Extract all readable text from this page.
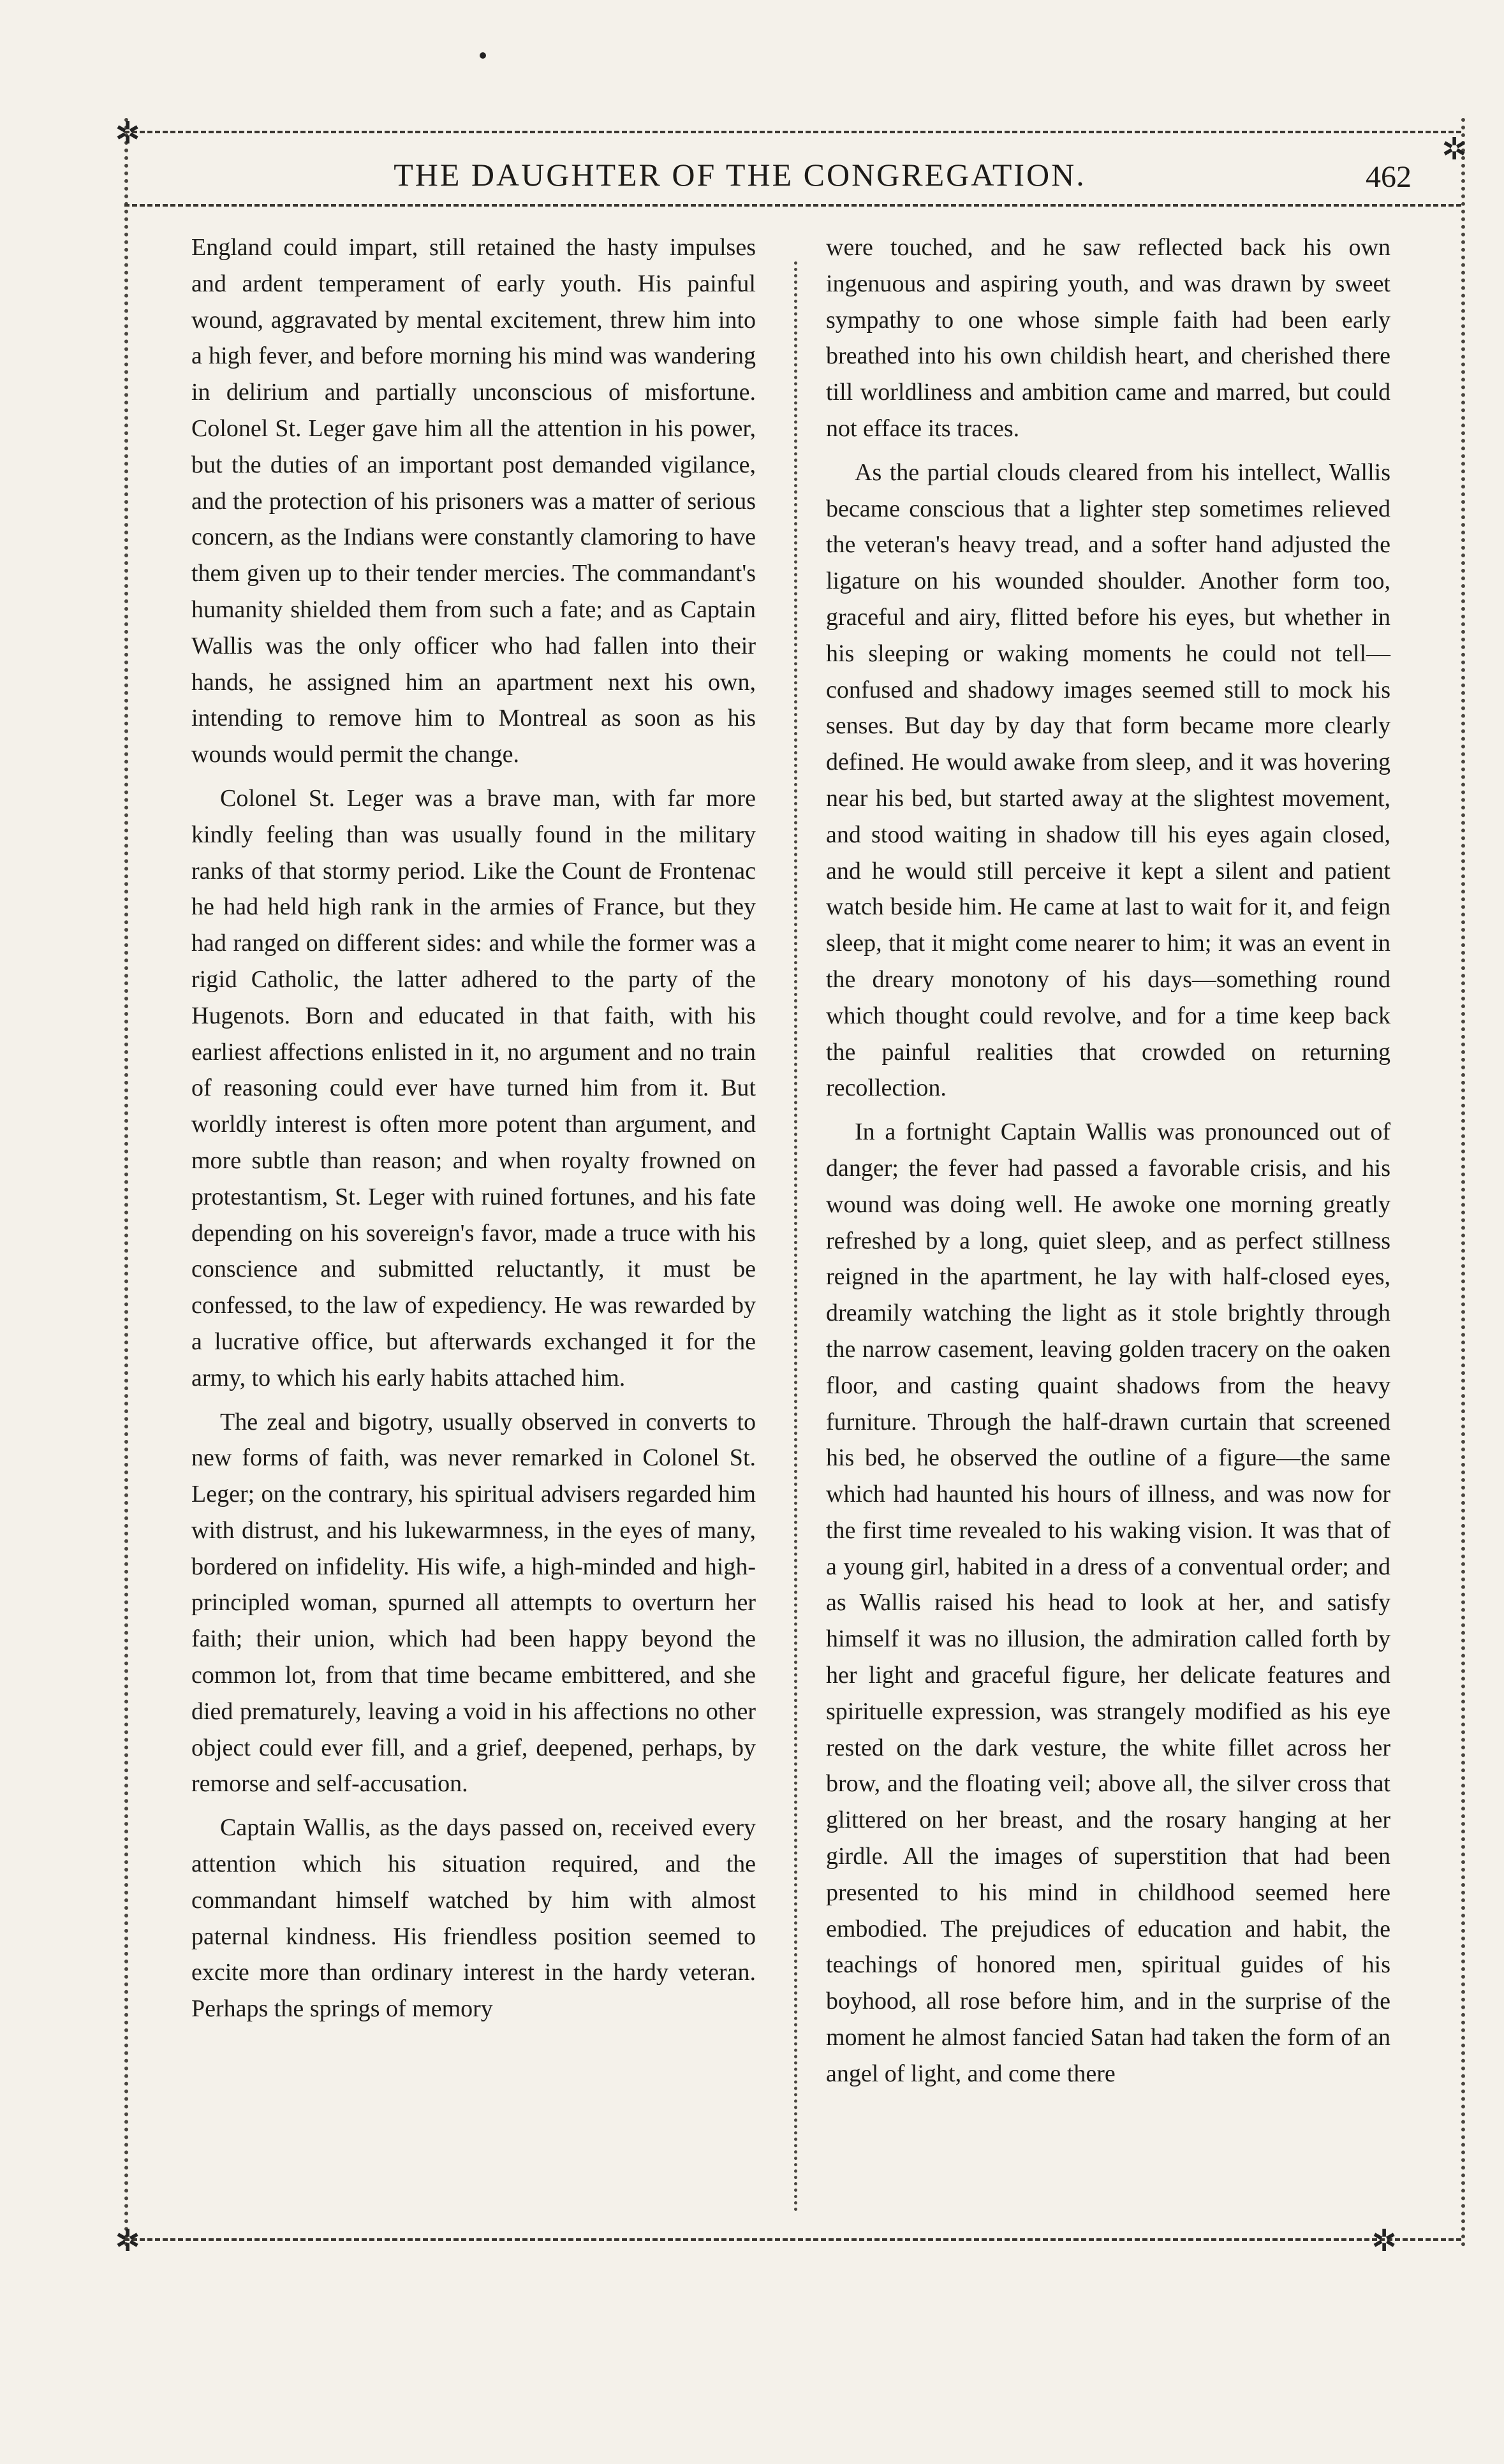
✲	✲
✲	✲
THE DAUGHTER OF THE CONGREGATION.	462

England could impart, still retained the hasty impulses and ardent temperament of early youth. His painful wound, aggravated by mental excitement, threw him into a high fever, and before morning his mind was wandering in delirium and partially unconscious of misfortune. Colonel St. Leger gave him all the attention in his power, but the duties of an important post demanded vigilance, and the protection of his prisoners was a matter of serious concern, as the Indians were constantly clamoring to have them given up to their tender mercies. The commandant's humanity shielded them from such a fate; and as Captain Wallis was the only officer who had fallen into their hands, he assigned him an apartment next his own, intending to remove him to Montreal as soon as his wounds would permit the change.

Colonel St. Leger was a brave man, with far more kindly feeling than was usually found in the military ranks of that stormy period. Like the Count de Frontenac he had held high rank in the armies of France, but they had ranged on different sides: and while the former was a rigid Catholic, the latter adhered to the party of the Hugenots. Born and educated in that faith, with his earliest affections enlisted in it, no argument and no train of reasoning could ever have turned him from it. But worldly interest is often more potent than argument, and more subtle than reason; and when royalty frowned on protestantism, St. Leger with ruined fortunes, and his fate depending on his sovereign's favor, made a truce with his conscience and submitted reluctantly, it must be confessed, to the law of expediency. He was rewarded by a lucrative office, but afterwards exchanged it for the army, to which his early habits attached him.

The zeal and bigotry, usually observed in converts to new forms of faith, was never remarked in Colonel St. Leger; on the contrary, his spiritual advisers regarded him with distrust, and his lukewarmness, in the eyes of many, bordered on infidelity. His wife, a high-minded and high-principled woman, spurned all attempts to overturn her faith; their union, which had been happy beyond the common lot, from that time became embittered, and she died prematurely, leaving a void in his affections no other object could ever fill, and a grief, deepened, perhaps, by remorse and self-accusation.

Captain Wallis, as the days passed on, received every attention which his situation required, and the commandant himself watched by him with almost paternal kindness. His friendless position seemed to excite more than ordinary interest in the hardy veteran. Perhaps the springs of memory

were touched, and he saw reflected back his own ingenuous and aspiring youth, and was drawn by sweet sympathy to one whose simple faith had been early breathed into his own childish heart, and cherished there till worldliness and ambition came and marred, but could not efface its traces.

As the partial clouds cleared from his intellect, Wallis became conscious that a lighter step sometimes relieved the veteran's heavy tread, and a softer hand adjusted the ligature on his wounded shoulder. Another form too, graceful and airy, flitted before his eyes, but whether in his sleeping or waking moments he could not tell—confused and shadowy images seemed still to mock his senses. But day by day that form became more clearly defined. He would awake from sleep, and it was hovering near his bed, but started away at the slightest movement, and stood waiting in shadow till his eyes again closed, and he would still perceive it kept a silent and patient watch beside him. He came at last to wait for it, and feign sleep, that it might come nearer to him; it was an event in the dreary monotony of his days—something round which thought could revolve, and for a time keep back the painful realities that crowded on returning recollection.

In a fortnight Captain Wallis was pronounced out of danger; the fever had passed a favorable crisis, and his wound was doing well. He awoke one morning greatly refreshed by a long, quiet sleep, and as perfect stillness reigned in the apartment, he lay with half-closed eyes, dreamily watching the light as it stole brightly through the narrow casement, leaving golden tracery on the oaken floor, and casting quaint shadows from the heavy furniture. Through the half-drawn curtain that screened his bed, he observed the outline of a figure—the same which had haunted his hours of illness, and was now for the first time revealed to his waking vision. It was that of a young girl, habited in a dress of a conventual order; and as Wallis raised his head to look at her, and satisfy himself it was no illusion, the admiration called forth by her light and graceful figure, her delicate features and spirituelle expression, was strangely modified as his eye rested on the dark vesture, the white fillet across her brow, and the floating veil; above all, the silver cross that glittered on her breast, and the rosary hanging at her girdle. All the images of superstition that had been presented to his mind in childhood seemed here embodied. The prejudices of education and habit, the teachings of honored men, spiritual guides of his boyhood, all rose before him, and in the surprise of the moment he almost fancied Satan had taken the form of an angel of light, and come there
